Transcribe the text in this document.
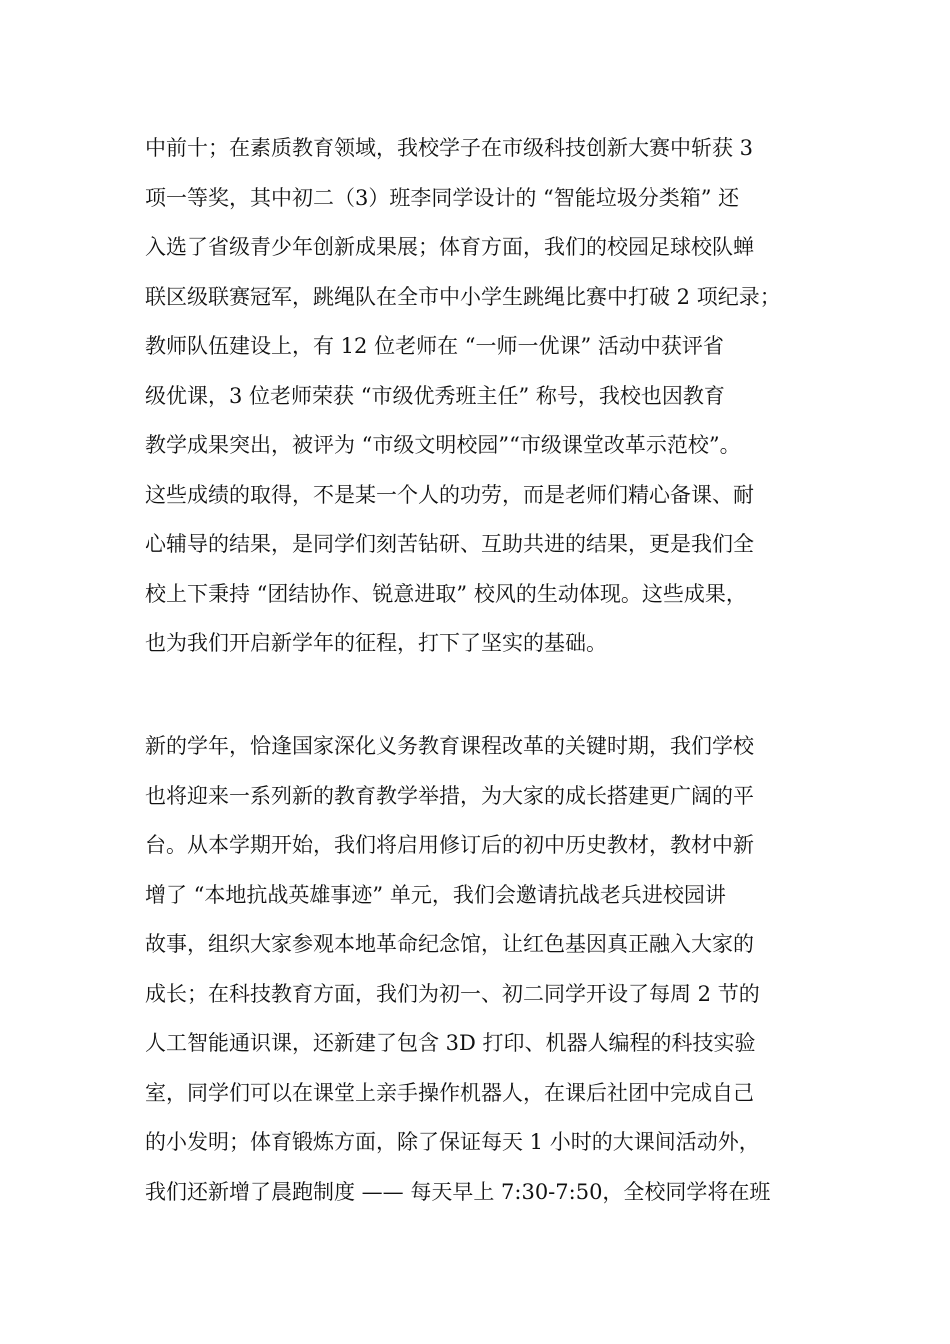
中前十；在素质教育领域，我校学子在市级科技创新大赛中斩获 3
项一等奖，其中初二（3）班李同学设计的 “智能垃圾分类箱” 还
入选了省级青少年创新成果展；体育方面，我们的校园足球校队蝉
联区级联赛冠军，跳绳队在全市中小学生跳绳比赛中打破 2 项纪录；
教师队伍建设上，有 12 位老师在 “一师一优课” 活动中获评省
级优课，3 位老师荣获 “市级优秀班主任” 称号，我校也因教育
教学成果突出，被评为 “市级文明校园”“市级课堂改革示范校”。
这些成绩的取得，不是某一个人的功劳，而是老师们精心备课、耐
心辅导的结果，是同学们刻苦钻研、互助共进的结果，更是我们全
校上下秉持 “团结协作、锐意进取” 校风的生动体现。这些成果，
也为我们开启新学年的征程，打下了坚实的基础。

新的学年，恰逢国家深化义务教育课程改革的关键时期，我们学校
也将迎来一系列新的教育教学举措，为大家的成长搭建更广阔的平
台。从本学期开始，我们将启用修订后的初中历史教材，教材中新
增了 “本地抗战英雄事迹” 单元，我们会邀请抗战老兵进校园讲
故事，组织大家参观本地革命纪念馆，让红色基因真正融入大家的
成长；在科技教育方面，我们为初一、初二同学开设了每周 2 节的
人工智能通识课，还新建了包含 3D 打印、机器人编程的科技实验
室，同学们可以在课堂上亲手操作机器人，在课后社团中完成自己
的小发明；体育锻炼方面，除了保证每天 1 小时的大课间活动外，
我们还新增了晨跑制度 —— 每天早上 7:30-7:50，全校同学将在班
